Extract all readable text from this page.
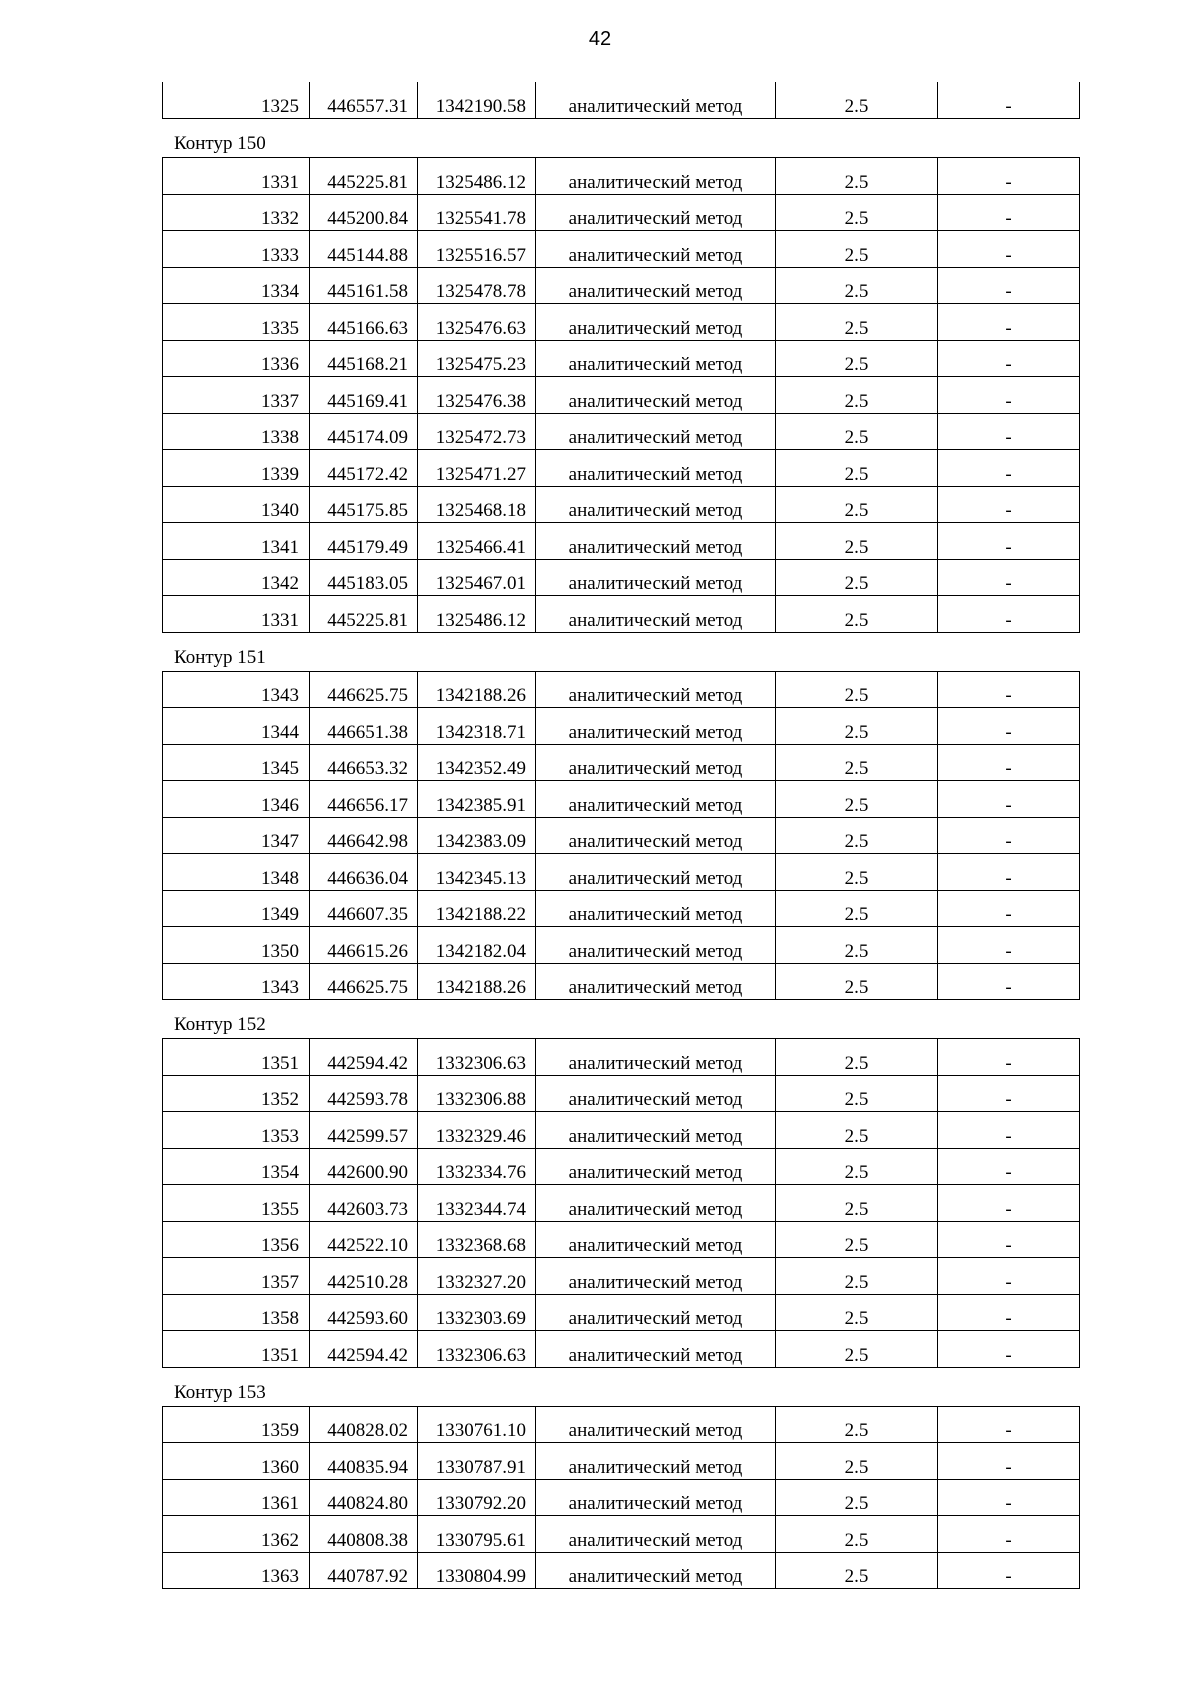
42
1325	446557.31	1342190.58	аналитический метод	2.5	-
Контур 150
1331	445225.81	1325486.12	аналитический метод	2.5	-
1332	445200.84	1325541.78	аналитический метод	2.5	-
1333	445144.88	1325516.57	аналитический метод	2.5	-
1334	445161.58	1325478.78	аналитический метод	2.5	-
1335	445166.63	1325476.63	аналитический метод	2.5	-
1336	445168.21	1325475.23	аналитический метод	2.5	-
1337	445169.41	1325476.38	аналитический метод	2.5	-
1338	445174.09	1325472.73	аналитический метод	2.5	-
1339	445172.42	1325471.27	аналитический метод	2.5	-
1340	445175.85	1325468.18	аналитический метод	2.5	-
1341	445179.49	1325466.41	аналитический метод	2.5	-
1342	445183.05	1325467.01	аналитический метод	2.5	-
1331	445225.81	1325486.12	аналитический метод	2.5	-
Контур 151
1343	446625.75	1342188.26	аналитический метод	2.5	-
1344	446651.38	1342318.71	аналитический метод	2.5	-
1345	446653.32	1342352.49	аналитический метод	2.5	-
1346	446656.17	1342385.91	аналитический метод	2.5	-
1347	446642.98	1342383.09	аналитический метод	2.5	-
1348	446636.04	1342345.13	аналитический метод	2.5	-
1349	446607.35	1342188.22	аналитический метод	2.5	-
1350	446615.26	1342182.04	аналитический метод	2.5	-
1343	446625.75	1342188.26	аналитический метод	2.5	-
Контур 152
1351	442594.42	1332306.63	аналитический метод	2.5	-
1352	442593.78	1332306.88	аналитический метод	2.5	-
1353	442599.57	1332329.46	аналитический метод	2.5	-
1354	442600.90	1332334.76	аналитический метод	2.5	-
1355	442603.73	1332344.74	аналитический метод	2.5	-
1356	442522.10	1332368.68	аналитический метод	2.5	-
1357	442510.28	1332327.20	аналитический метод	2.5	-
1358	442593.60	1332303.69	аналитический метод	2.5	-
1351	442594.42	1332306.63	аналитический метод	2.5	-
Контур 153
1359	440828.02	1330761.10	аналитический метод	2.5	-
1360	440835.94	1330787.91	аналитический метод	2.5	-
1361	440824.80	1330792.20	аналитический метод	2.5	-
1362	440808.38	1330795.61	аналитический метод	2.5	-
1363	440787.92	1330804.99	аналитический метод	2.5	-
